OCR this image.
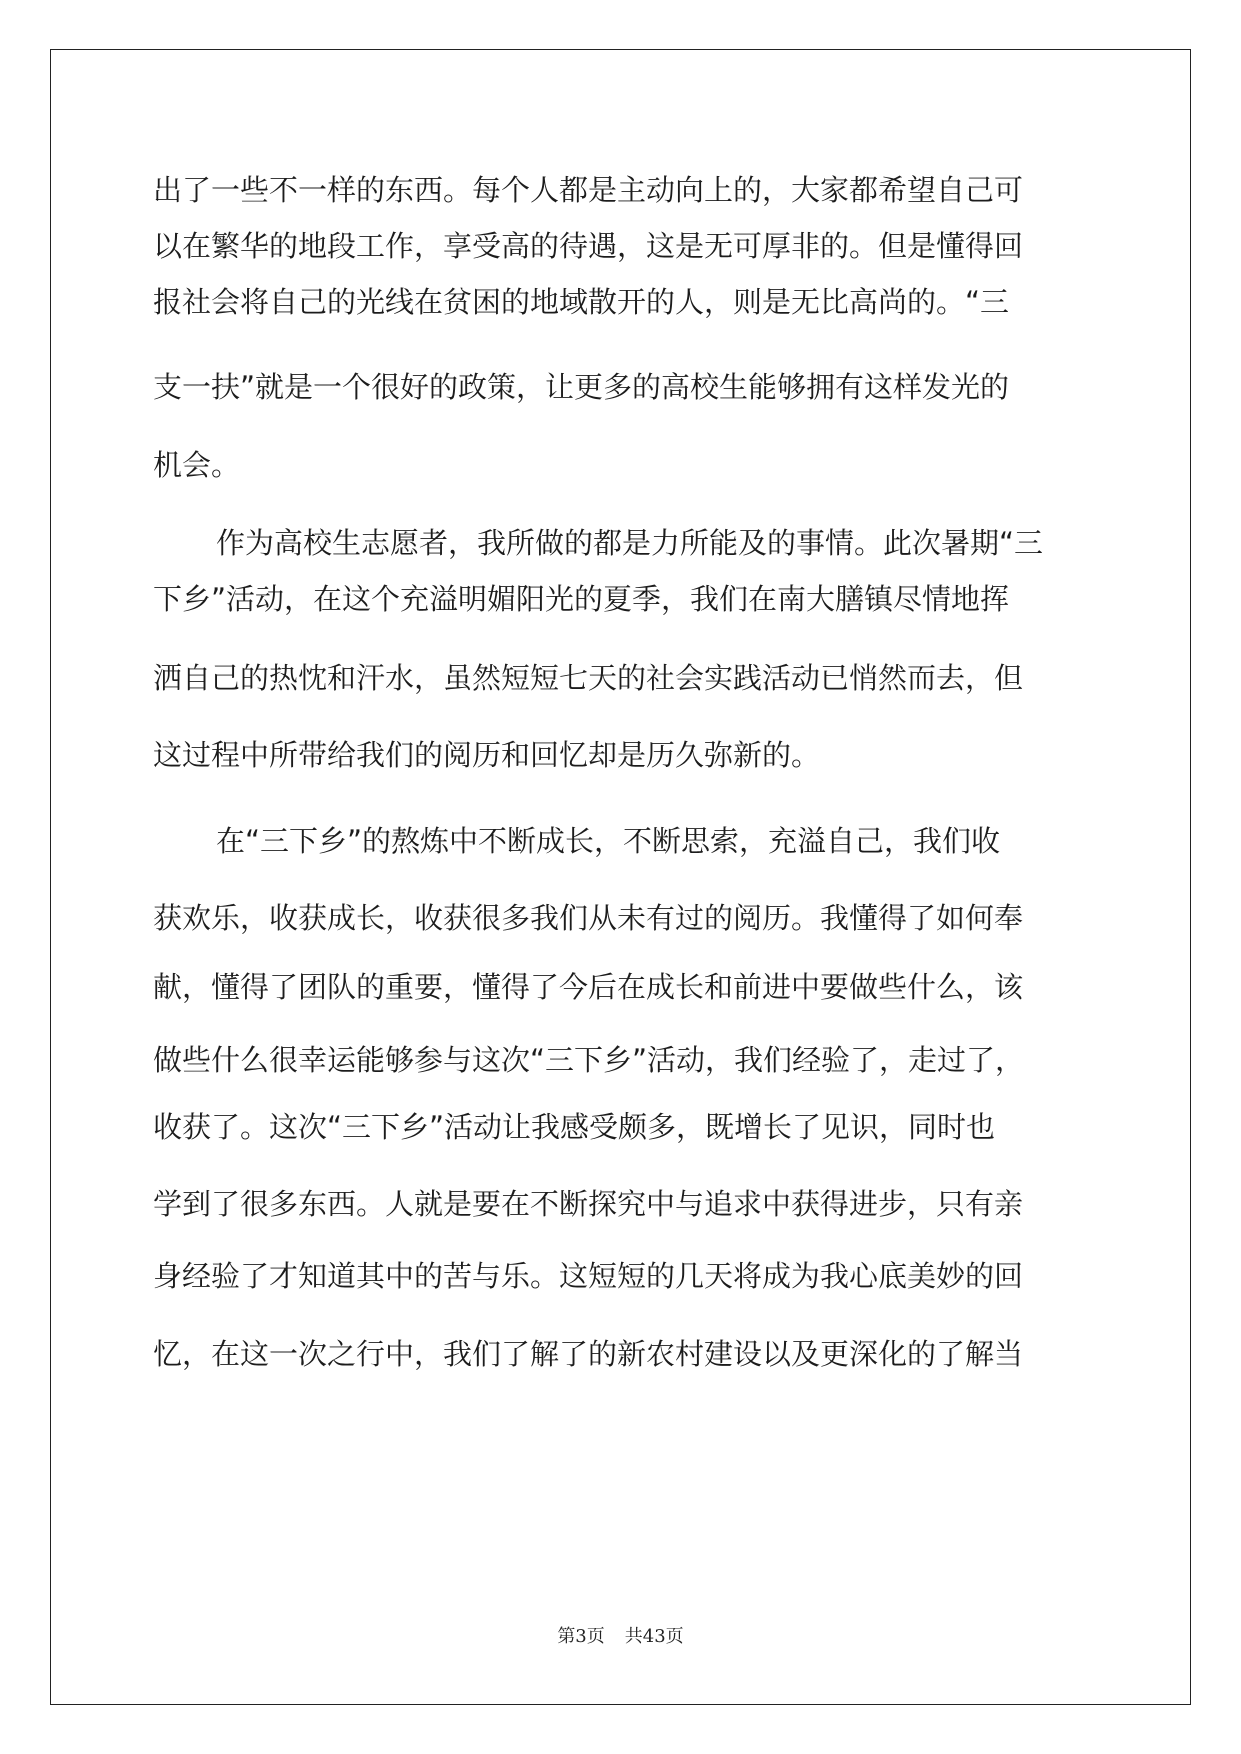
出了一些不一样的东西。每个人都是主动向上的，大家都希望自己可
以在繁华的地段工作，享受高的待遇，这是无可厚非的。但是懂得回
报社会将自己的光线在贫困的地域散开的人，则是无比高尚的。“三
支一扶”就是一个很好的政策，让更多的高校生能够拥有这样发光的
机会。
作为高校生志愿者，我所做的都是力所能及的事情。此次暑期“三
下乡”活动，在这个充溢明媚阳光的夏季，我们在南大膳镇尽情地挥
洒自己的热忱和汗水，虽然短短七天的社会实践活动已悄然而去，但
这过程中所带给我们的阅历和回忆却是历久弥新的。
在“三下乡”的熬炼中不断成长，不断思索，充溢自己，我们收
获欢乐，收获成长，收获很多我们从未有过的阅历。我懂得了如何奉
献，懂得了团队的重要，懂得了今后在成长和前进中要做些什么，该
做些什么很幸运能够参与这次“三下乡”活动，我们经验了，走过了，
收获了。这次“三下乡”活动让我感受颇多，既增长了见识，同时也
学到了很多东西。人就是要在不断探究中与追求中获得进步，只有亲
身经验了才知道其中的苦与乐。这短短的几天将成为我心底美妙的回
忆，在这一次之行中，我们了解了的新农村建设以及更深化的了解当
第3页 共43页
